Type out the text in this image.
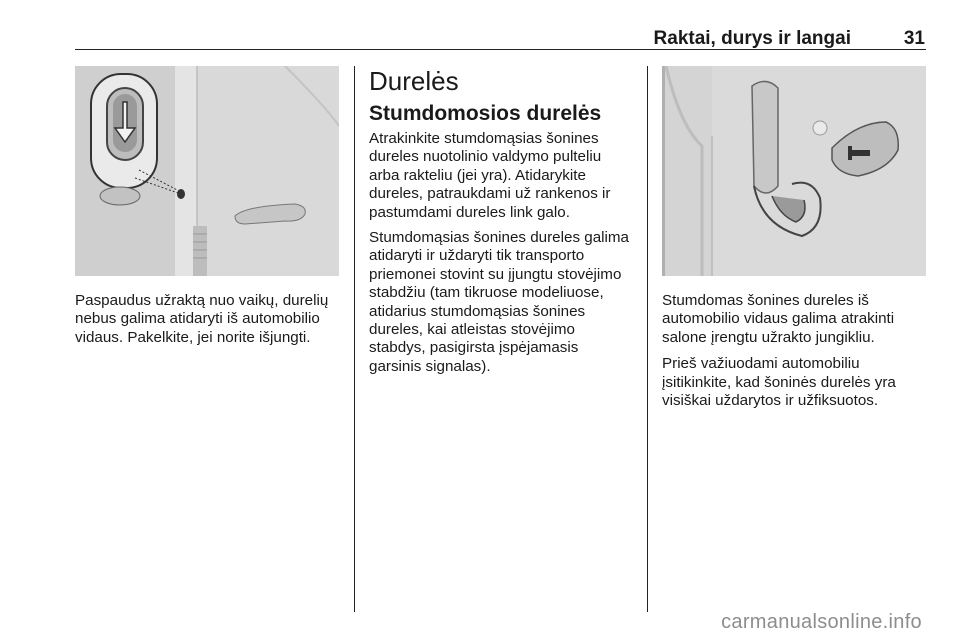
Raktai, durys ir langai	31

Paspaudus užraktą nuo vaikų, durelių nebus galima atidaryti iš automobilio vidaus. Pakelkite, jei norite išjungti.

Durelės
Stumdomosios durelės

Atrakinkite stumdomąsias šonines dureles nuotolinio valdymo pulteliu arba rakteliu (jei yra). Atidarykite dureles, patraukdami už rankenos ir pastumdami dureles link galo.

Stumdomąsias šonines dureles galima atidaryti ir uždaryti tik transporto priemonei stovint su įjungtu stovėjimo stabdžiu (tam tikruose modeliuose, atidarius stumdomąsias šonines dureles, kai atleistas stovėjimo stabdys, pasigirsta įspėjamasis garsinis signalas).

Stumdomas šonines dureles iš automobilio vidaus galima atrakinti salone įrengtu užrakto jungikliu.

Prieš važiuodami automobiliu įsitikinkite, kad šoninės durelės yra visiškai uždarytos ir užfiksuotos.

carmanualsonline.info
